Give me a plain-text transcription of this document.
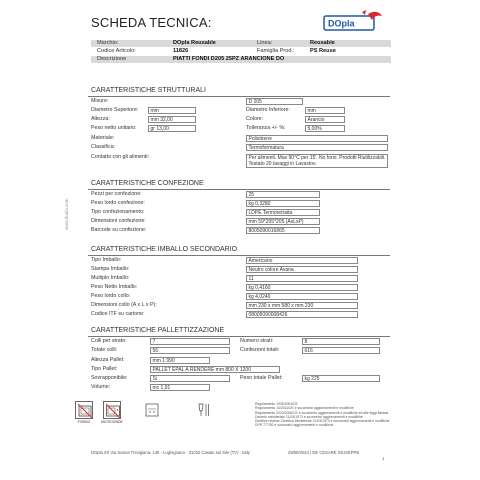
SCHEDA TECNICA:	DOpla
Marchio:	DOpla Reusable	Linea:	Reusable
Codice Articolo:	11826	Famiglia Prod.:	PS Reuse
Descrizione	PIATTI FONDI D205 25PZ ARANCIONE DO
www.dopla.com
CARATTERISTICHE STRUTTURALI
Misure:	D 205
Diametro Superiore:	mm	Diametro Inferiore:	mm
Altezza:	mm 32,00	Colore:	Arancio
Peso netto unitario:	gr 13,00	Tolleranza +/- %:	5,00%
Materiale:	Polistirene
Classifica:	Termoformatura
Contatto con gli alimenti:	Per alimenti. Max 90°C per 15'. No forni. Prodotti Riutilizzabili. Testato 20 lavaggi in Lavastov.
CARATTERISTICHE CONFEZIONE
Pezzi per confezione:	25
Peso lordo confezione:	kg 0,3280
Tipo confezionamento:	LDPE Termoretraita
Dimensioni confezione:	mm 59*205*205 (AxLxP)
Barcode su confezione:	8005090016865
CARATTERISTICHE IMBALLO SECONDARIO
Tipo Imballo:	Americano
Stampa Imballo:	Neutro colore Avana
Multiplo Imballo:	11
Peso Netto Imballo:	kg 0,4160
Peso lordo collo:	kg 4,0240
Dimensioni collo (A x L x P):	mm 230 x mm 580 x mm 230
Codice ITF su cartone:	08005090008426
CARATTERISTICHE PALLETTIZZAZIONE
Colli per strato:	7	Numero strati:	8
Totale colli:	56	Confezioni totali:	616
Altezza Pallet:	mm 1.990
Tipo Pallet:	PALLET EPAL A RENDERE mm 800 X 1200
Sovrapponibile:	Si	Peso totale Pallet:	kg 225
Volume:	mc 1,91
FORNO	MICROONDE
Regolamento 1935/2004/CE
Regolamento 10/2011/UE e successivi aggiornamenti e modifiche
Regolamento 2023/2006/CE e successivi aggiornamenti e modifiche ed alle leggi italiane
Decreto ministeriale 21/03/1973 e successivi aggiornamenti e modifiche
Direttiva relativa: Direttiva Ministeriale 21/03/1973 e successivi aggiornamenti e modifiche
DPR 777/82 e successivi aggiornamenti e modifiche
DOpla Srl Via Nuova Trevigiana, 136 - Lughignano - 31032 Casale sul Sile (TV) - Italy	29/08/2024 | DE CESARE GIUSEPPE
1
